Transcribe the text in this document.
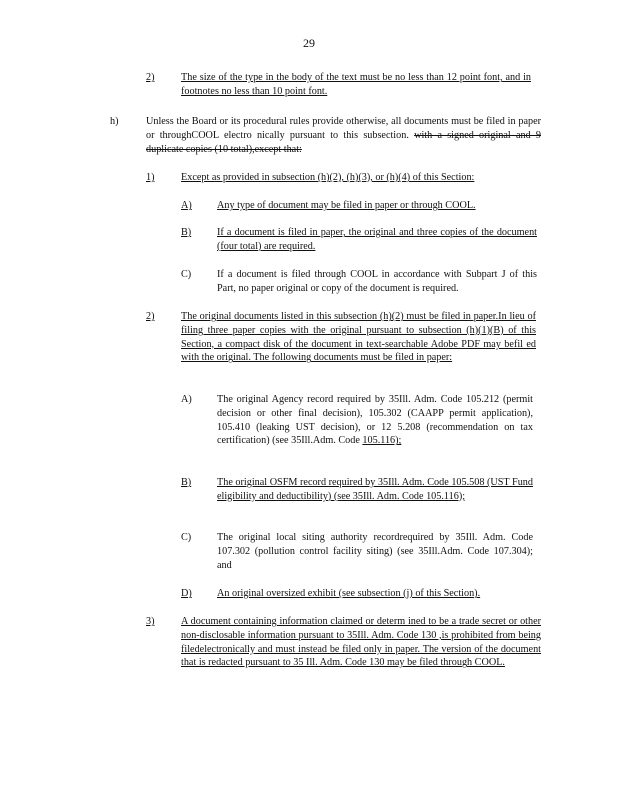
29
2)	The size of the type in the body of the text must be no less than 12 point font, and in footnotes no less than 10 point font.
h)	Unless the Board or its procedural rules provide otherwise, all documents must be filed in paper or throughCOOL electro nically pursuant to this subsection. with a signed original and 9 duplicate copies (10 total),except that:
1)	Except as provided in subsection (h)(2), (h)(3), or (h)(4) of this Section:
A) Any type of document may be filed in paper or through COOL.
B)	If a document is filed in paper, the original and three copies of the document (four total) are required.
C)	If a document is filed through COOL in accordance with Subpart J of this Part, no paper original or copy of the document is required.
2)	The original documents listed in this subsection (h)(2) must be filed in paper.In lieu of filing three paper copies with the original pursuant to subsection (h)(1)(B) of this Section, a compact disk of the document in text-searchable Adobe PDF may befil ed with the original. The following documents must be filed in paper:
A) The original Agency record required by 35Ill. Adm. Code 105.212 (permit decision or other final decision), 105.302 (CAAPP permit application), 105.410 (leaking UST decision), or 12 5.208 (recommendation on tax certification) (see 35Ill.Adm. Code 105.116);
B)	The original OSFM record required by 35Ill. Adm. Code 105.508 (UST Fund eligibility and deductibility) (see 35Ill. Adm. Code 105.116);
C)	The original local siting authority recordrequired by 35Ill. Adm. Code 107.302 (pollution control facility siting) (see 35Ill.Adm. Code 107.304); and
D) An original oversized exhibit (see subsection (j) of this Section).
3)	A document containing information claimed or determ ined to be a trade secret or other non-disclosable information pursuant to 35Ill. Adm. Code 130 ,is prohibited from being filedelectronically and must instead be filed only in paper. The version of the document that is redacted pursuant to 35 Ill. Adm. Code 130 may be filed through COOL.
